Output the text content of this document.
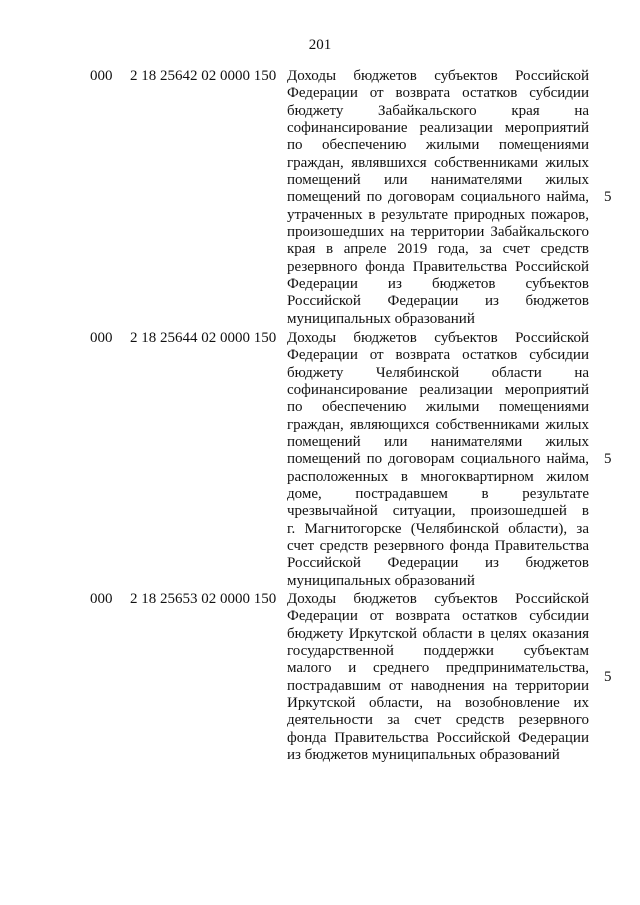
201
000 2 18 25642 02 0000 150 Доходы бюджетов субъектов Российской
Федерации от возврата остатков субсидии
бюджету Забайкальского края на
софинансирование реализации мероприятий
по обеспечению жилыми помещениями
граждан, являвшихся собственниками жилых
помещений или нанимателями жилых
помещений по договорам социального найма,
утраченных в результате природных пожаров,
произошедших на территории Забайкальского
края в апреле 2019 года, за счет средств
резервного фонда Правительства Российской
Федерации из бюджетов субъектов
Российской Федерации из бюджетов
муниципальных образований
5
000 2 18 25644 02 0000 150 Доходы бюджетов субъектов Российской
Федерации от возврата остатков субсидии
бюджету Челябинской области на
софинансирование реализации мероприятий
по обеспечению жилыми помещениями
граждан, являющихся собственниками жилых
помещений или нанимателями жилых
помещений по договорам социального найма,
расположенных в многоквартирном жилом
доме, пострадавшем в результате
чрезвычайной ситуации, произошедшей в
г. Магнитогорске (Челябинской области), за
счет средств резервного фонда Правительства
Российской Федерации из бюджетов
муниципальных образований
5
000 2 18 25653 02 0000 150 Доходы бюджетов субъектов Российской
Федерации от возврата остатков субсидии
бюджету Иркутской области в целях оказания
государственной поддержки субъектам
малого и среднего предпринимательства,
пострадавшим от наводнения на территории
Иркутской области, на возобновление их
деятельности за счет средств резервного
фонда Правительства Российской Федерации
из бюджетов муниципальных образований
5
